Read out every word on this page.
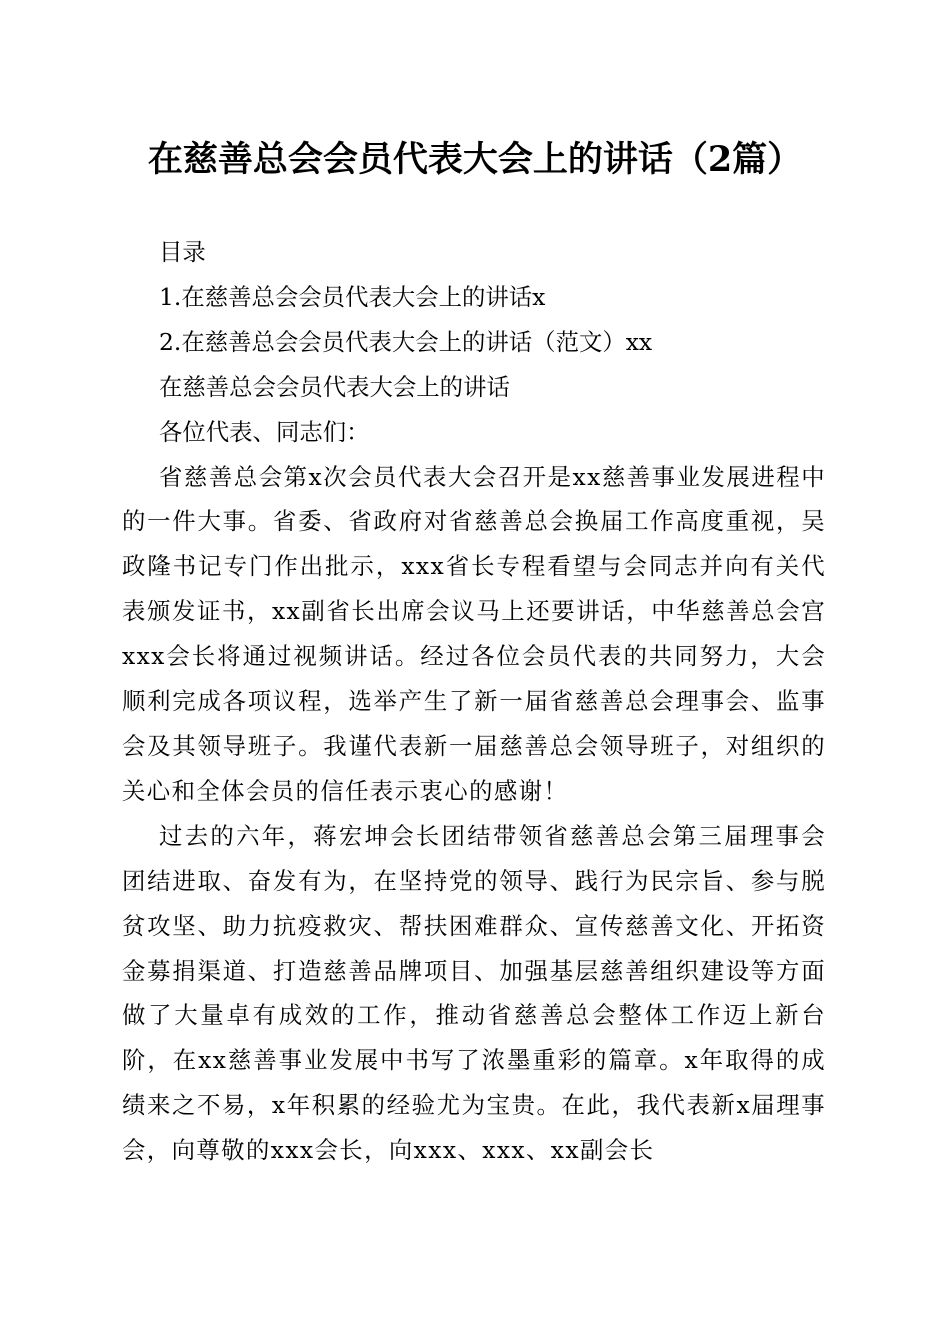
在慈善总会会员代表大会上的讲话（2篇）

目录

1.在慈善总会会员代表大会上的讲话x

2.在慈善总会会员代表大会上的讲话（范文）xx

在慈善总会会员代表大会上的讲话

各位代表、同志们：

省慈善总会第x次会员代表大会召开是xx慈善事业发展进程中的一件大事。省委、省政府对省慈善总会换届工作高度重视，吴政隆书记专门作出批示，xxx省长专程看望与会同志并向有关代表颁发证书，xx副省长出席会议马上还要讲话，中华慈善总会宫xxx会长将通过视频讲话。经过各位会员代表的共同努力，大会顺利完成各项议程，选举产生了新一届省慈善总会理事会、监事会及其领导班子。我谨代表新一届慈善总会领导班子，对组织的关心和全体会员的信任表示衷心的感谢！

过去的六年，蒋宏坤会长团结带领省慈善总会第三届理事会团结进取、奋发有为，在坚持党的领导、践行为民宗旨、参与脱贫攻坚、助力抗疫救灾、帮扶困难群众、宣传慈善文化、开拓资金募捐渠道、打造慈善品牌项目、加强基层慈善组织建设等方面做了大量卓有成效的工作，推动省慈善总会整体工作迈上新台阶，在xx慈善事业发展中书写了浓墨重彩的篇章。x年取得的成绩来之不易，x年积累的经验尤为宝贵。在此，我代表新x届理事会，向尊敬的xxx会长，向xxx、xxx、xx副会长
